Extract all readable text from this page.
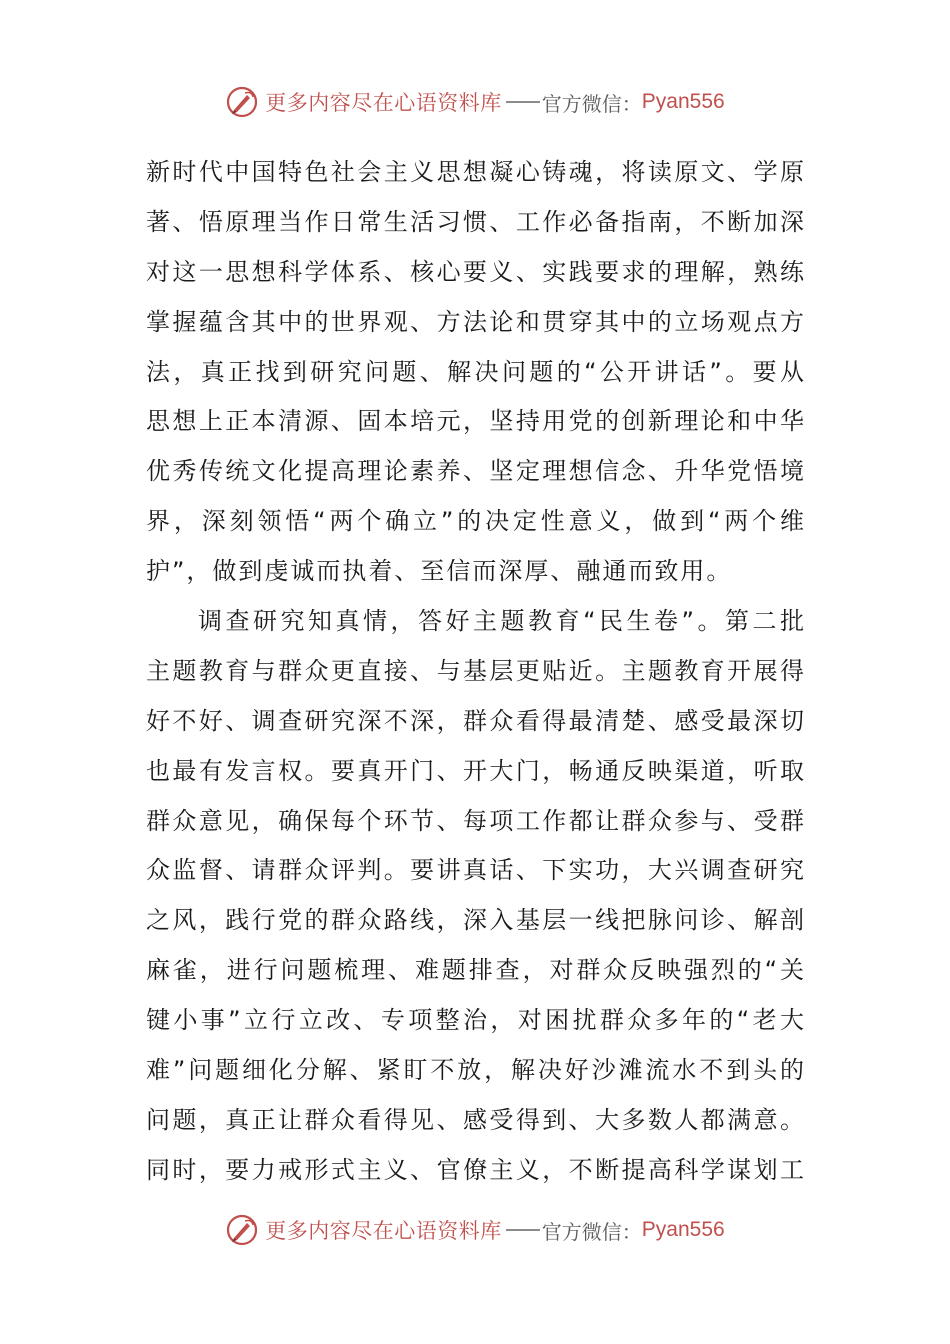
更多内容尽在心语资料库 官方微信： Pyan556
新时代中国特色社会主义思想凝心铸魂，将读原文、学原
著、悟原理当作日常生活习惯、工作必备指南，不断加深
对这一思想科学体系、核心要义、实践要求的理解，熟练
掌握蕴含其中的世界观、方法论和贯穿其中的立场观点方
法，真正找到研究问题、解决问题的“公开讲话”。要从
思想上正本清源、固本培元，坚持用党的创新理论和中华
优秀传统文化提高理论素养、坚定理想信念、升华党悟境
界，深刻领悟“两个确立”的决定性意义，做到“两个维
护”，做到虔诚而执着、至信而深厚、融通而致用。
调查研究知真情，答好主题教育“民生卷”。第二批
主题教育与群众更直接、与基层更贴近。主题教育开展得
好不好、调查研究深不深，群众看得最清楚、感受最深切
也最有发言权。要真开门、开大门，畅通反映渠道，听取
群众意见，确保每个环节、每项工作都让群众参与、受群
众监督、请群众评判。要讲真话、下实功，大兴调查研究
之风，践行党的群众路线，深入基层一线把脉问诊、解剖
麻雀，进行问题梳理、难题排查，对群众反映强烈的“关
键小事”立行立改、专项整治，对困扰群众多年的“老大
难”问题细化分解、紧盯不放，解决好沙滩流水不到头的
问题，真正让群众看得见、感受得到、大多数人都满意。
同时，要力戒形式主义、官僚主义，不断提高科学谋划工
更多内容尽在心语资料库 官方微信： Pyan556
